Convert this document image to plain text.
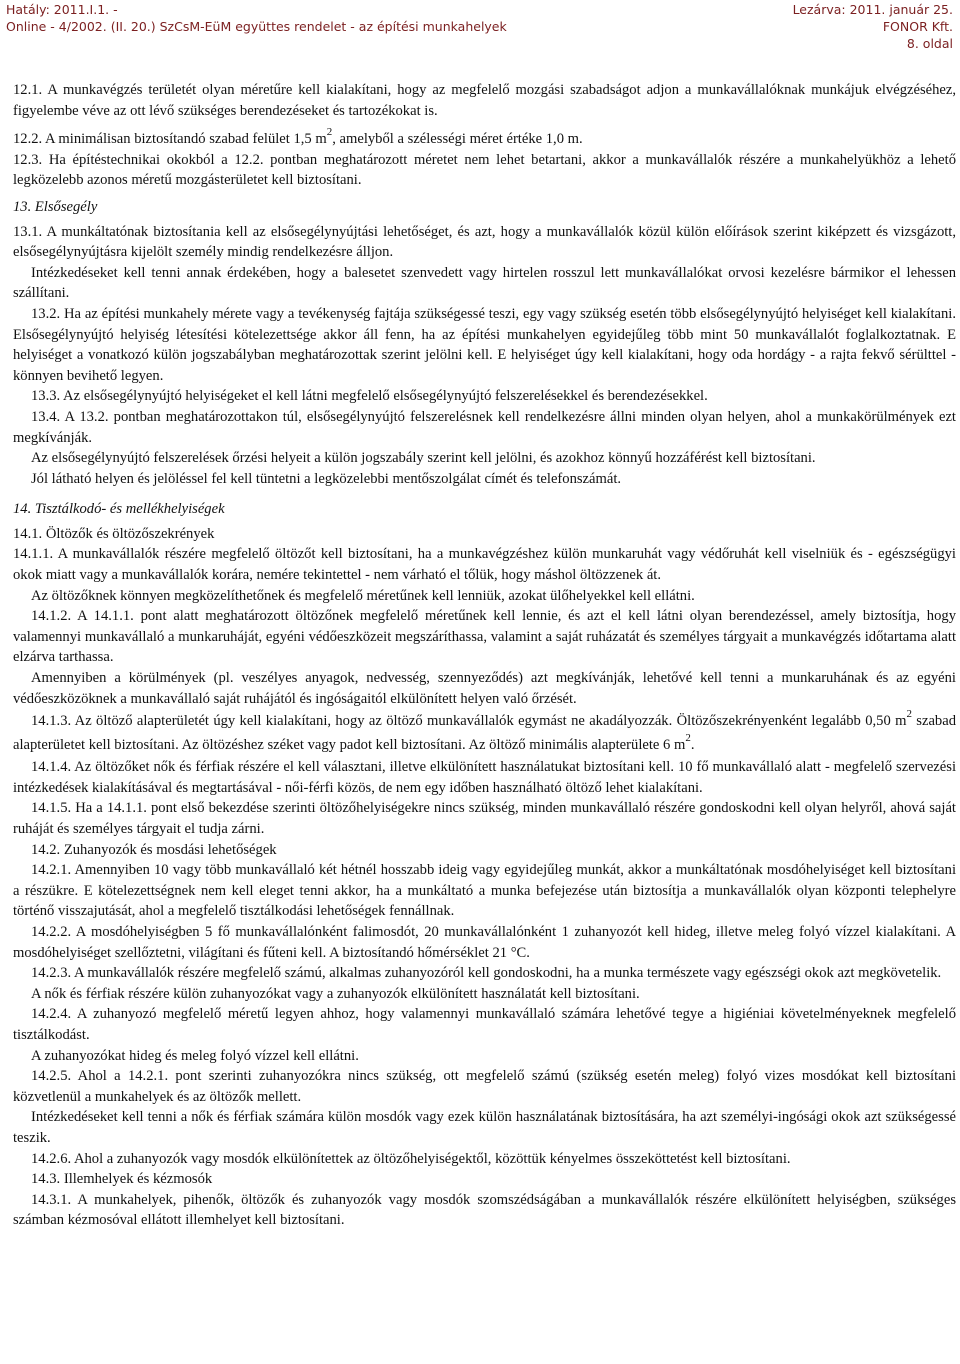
Hatály: 2011.I.1. -
Online - 4/2002. (II. 20.) SzCsM-EüM együttes rendelet - az építési munkahelyek
Lezárva: 2011. január 25.
FONOR Kft.
8. oldal

12.1. A munkavégzés területét olyan méretűre kell kialakítani, hogy az megfelelő mozgási szabadságot adjon a munkavállalóknak munkájuk elvégzéséhez, figyelembe véve az ott lévő szükséges berendezéseket és tartozékokat is.

12.2. A minimálisan biztosítandó szabad felület 1,5 $m^2$, amelyből a szélességi méret értéke 1,0 m.

12.3. Ha építéstechnikai okokból a 12.2. pontban meghatározott méretet nem lehet betartani, akkor a munkavállalók részére a munkahelyükhöz a lehető legközelebb azonos méretű mozgásterületet kell biztosítani.

13. Elsősegély

13.1. A munkáltatónak biztosítania kell az elsősegélynyújtási lehetőséget, és azt, hogy a munkavállalók közül külön előírások szerint kiképzett és vizsgázott, elsősegélynyújtásra kijelölt személy mindig rendelkezésre álljon.

Intézkedéseket kell tenni annak érdekében, hogy a balesetet szenvedett vagy hirtelen rosszul lett munkavállalókat orvosi kezelésre bármikor el lehessen szállítani.

13.2. Ha az építési munkahely mérete vagy a tevékenység fajtája szükségessé teszi, egy vagy szükség esetén több elsősegélynyújtó helyiséget kell kialakítani. Elsősegélynyújtó helyiség létesítési kötelezettsége akkor áll fenn, ha az építési munkahelyen egyidejűleg több mint 50 munkavállalót foglalkoztatnak. E helyiséget a vonatkozó külön jogszabályban meghatározottak szerint jelölni kell. E helyiséget úgy kell kialakítani, hogy oda hordágy - a rajta fekvő sérülttel - könnyen bevihető legyen.

13.3. Az elsősegélynyújtó helyiségeket el kell látni megfelelő elsősegélynyújtó felszerelésekkel és berendezésekkel.

13.4. A 13.2. pontban meghatározottakon túl, elsősegélynyújtó felszerelésnek kell rendelkezésre állni minden olyan helyen, ahol a munkakörülmények ezt megkívánják.

Az elsősegélynyújtó felszerelések őrzési helyeit a külön jogszabály szerint kell jelölni, és azokhoz könnyű hozzáférést kell biztosítani.

Jól látható helyen és jelöléssel fel kell tüntetni a legközelebbi mentőszolgálat címét és telefonszámát.

14. Tisztálkodó- és mellékhelyiségek

14.1. Öltözők és öltözőszekrények

14.1.1. A munkavállalók részére megfelelő öltözőt kell biztosítani, ha a munkavégzéshez külön munkaruhát vagy védőruhát kell viselniük és - egészségügyi okok miatt vagy a munkavállalók korára, nemére tekintettel - nem várható el tőlük, hogy máshol öltözzenek át.

Az öltözőknek könnyen megközelíthetőnek és megfelelő méretűnek kell lenniük, azokat ülőhelyekkel kell ellátni.

14.1.2. A 14.1.1. pont alatt meghatározott öltözőnek megfelelő méretűnek kell lennie, és azt el kell látni olyan berendezéssel, amely biztosítja, hogy valamennyi munkavállaló a munkaruháját, egyéni védőeszközeit megszáríthassa, valamint a saját ruházatát és személyes tárgyait a munkavégzés időtartama alatt elzárva tarthassa.

Amennyiben a körülmények (pl. veszélyes anyagok, nedvesség, szennyeződés) azt megkívánják, lehetővé kell tenni a munkaruhának és az egyéni védőeszközöknek a munkavállaló saját ruhájától és ingóságaitól elkülönített helyen való őrzését.

14.1.3. Az öltöző alapterületét úgy kell kialakítani, hogy az öltöző munkavállalók egymást ne akadályozzák. Öltözőszekrényenként legalább 0,50 $m^2$ szabad alapterületet kell biztosítani. Az öltözéshez széket vagy padot kell biztosítani. Az öltöző minimális alapterülete 6 $m^2$.

14.1.4. Az öltözőket nők és férfiak részére el kell választani, illetve elkülönített használatukat biztosítani kell. 10 fő munkavállaló alatt - megfelelő szervezési intézkedések kialakításával és megtartásával - női-férfi közös, de nem egy időben használható öltöző lehet kialakítani.

14.1.5. Ha a 14.1.1. pont első bekezdése szerinti öltözőhelyiségekre nincs szükség, minden munkavállaló részére gondoskodni kell olyan helyről, ahová saját ruháját és személyes tárgyait el tudja zárni.

14.2. Zuhanyozók és mosdási lehetőségek

14.2.1. Amennyiben 10 vagy több munkavállaló két hétnél hosszabb ideig vagy egyidejűleg munkát, akkor a munkáltatónak mosdóhelyiséget kell biztosítani a részükre. E kötelezettségnek nem kell eleget tenni akkor, ha a munkáltató a munka befejezése után biztosítja a munkavállalók olyan központi telephelyre történő visszajutását, ahol a megfelelő tisztálkodási lehetőségek fennállnak.

14.2.2. A mosdóhelyiségben 5 fő munkavállalónként falimosdót, 20 munkavállalónként 1 zuhanyozót kell hideg, illetve meleg folyó vízzel kialakítani. A mosdóhelyiséget szellőztetni, világítani és fűteni kell. A biztosítandó hőmérséklet 21 °C.

14.2.3. A munkavállalók részére megfelelő számú, alkalmas zuhanyozóról kell gondoskodni, ha a munka természete vagy egészségi okok azt megkövetelik.

A nők és férfiak részére külön zuhanyozókat vagy a zuhanyozók elkülönített használatát kell biztosítani.

14.2.4. A zuhanyozó megfelelő méretű legyen ahhoz, hogy valamennyi munkavállaló számára lehetővé tegye a higiéniai követelményeknek megfelelő tisztálkodást.

A zuhanyozókat hideg és meleg folyó vízzel kell ellátni.

14.2.5. Ahol a 14.2.1. pont szerinti zuhanyozókra nincs szükség, ott megfelelő számú (szükség esetén meleg) folyó vizes mosdókat kell biztosítani közvetlenül a munkahelyek és az öltözők mellett.

Intézkedéseket kell tenni a nők és férfiak számára külön mosdók vagy ezek külön használatának biztosítására, ha azt személyi-ingósági okok azt szükségessé teszik.

14.2.6. Ahol a zuhanyozók vagy mosdók elkülönítettek az öltözőhelyiségektől, közöttük kényelmes összeköttetést kell biztosítani.

14.3. Illemhelyek és kézmosók

14.3.1. A munkahelyek, pihenők, öltözők és zuhanyozók vagy mosdók szomszédságában a munkavállalók részére elkülönített helyiségben, szükséges számban kézmosóval ellátott illemhelyet kell biztosítani.
